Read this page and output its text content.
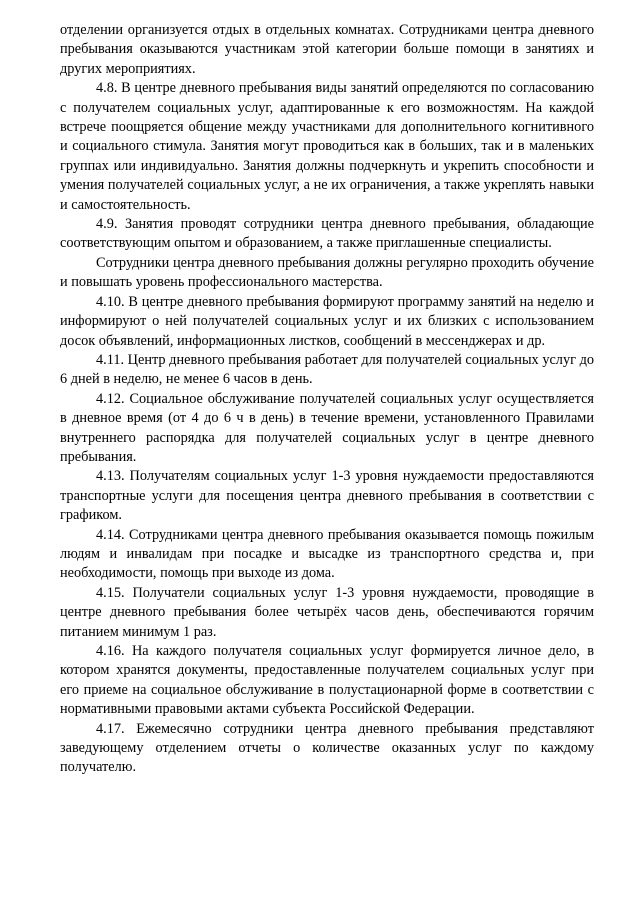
отделении организуется отдых в отдельных комнатах. Сотрудниками центра дневного пребывания оказываются участникам этой категории больше помощи в занятиях и других мероприятиях.

4.8. В центре дневного пребывания виды занятий определяются по согласованию с получателем социальных услуг, адаптированные к его возможностям. На каждой встрече поощряется общение между участниками для дополнительного когнитивного и социального стимула. Занятия могут проводиться как в больших, так и в маленьких группах или индивидуально. Занятия должны подчеркнуть и укрепить способности и умения получателей социальных услуг, а не их ограничения, а также укреплять навыки и самостоятельность.

4.9. Занятия проводят сотрудники центра дневного пребывания, обладающие соответствующим опытом и образованием, а также приглашенные специалисты.

Сотрудники центра дневного пребывания должны регулярно проходить обучение и повышать уровень профессионального мастерства.

4.10. В центре дневного пребывания формируют программу занятий на неделю и информируют о ней получателей социальных услуг и их близких с использованием досок объявлений, информационных листков, сообщений в мессенджерах и др.

4.11. Центр дневного пребывания работает для получателей социальных услуг до 6 дней в неделю, не менее 6 часов в день.

4.12. Социальное обслуживание получателей социальных услуг осуществляется в дневное время (от 4 до 6 ч в день) в течение времени, установленного Правилами внутреннего распорядка для получателей социальных услуг в центре дневного пребывания.

4.13. Получателям социальных услуг 1-3 уровня нуждаемости предоставляются транспортные услуги для посещения центра дневного пребывания в соответствии с графиком.

4.14. Сотрудниками центра дневного пребывания оказывается помощь пожилым людям и инвалидам при посадке и высадке из транспортного средства и, при необходимости, помощь при выходе из дома.

4.15. Получатели социальных услуг 1-3 уровня нуждаемости, проводящие в центре дневного пребывания более четырёх часов день, обеспечиваются горячим питанием минимум 1 раз.

4.16. На каждого получателя социальных услуг формируется личное дело, в котором хранятся документы, предоставленные получателем социальных услуг при его приеме на социальное обслуживание в полустационарной форме в соответствии с нормативными правовыми актами субъекта Российской Федерации.

4.17. Ежемесячно сотрудники центра дневного пребывания представляют заведующему отделением отчеты о количестве оказанных услуг по каждому получателю.
